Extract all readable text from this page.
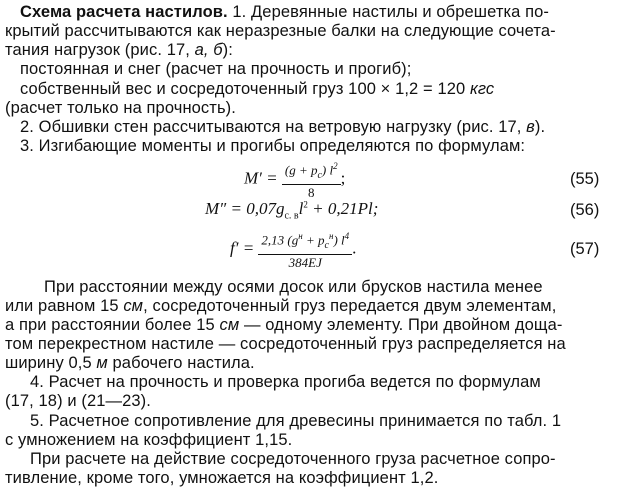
Схема расчета настилов. 1. Деревянные настилы и обрешетка по-
крытий рассчитываются как неразрезные балки на следующие сочета-
тания нагрузок (рис. 17, а, б):
постоянная и снег (расчет на прочность и прогиб);
собственный вес и сосредоточенный груз 100 × 1,2 = 120 кгс
(расчет только на прочность).
2. Обшивки стен рассчитываются на ветровую нагрузку (рис. 17, в).
3. Изгибающие моменты и прогибы определяются по формулам:
$M' = \frac{(g + p_c) l^2}{8}$ ;	(55)
$M'' = 0,07g_{с. в}l^2 + 0,21Pl$;	(56)
$f' = \frac{2,13 (g^н + p_с^н) l^4}{384EJ}$ .	(57)
При расстоянии между осями досок или брусков настила менее
или равном 15 см, сосредоточенный груз передается двум элементам,
а при расстоянии более 15 см — одному элементу. При двойном доща-
том перекрестном настиле — сосредоточенный груз распределяется на
ширину 0,5 м рабочего настила.
4. Расчет на прочность и проверка прогиба ведется по формулам
(17, 18) и (21—23).
5. Расчетное сопротивление для древесины принимается по табл. 1
с умножением на коэффициент 1,15.
При расчете на действие сосредоточенного груза расчетное сопро-
тивление, кроме того, умножается на коэффициент 1,2.
